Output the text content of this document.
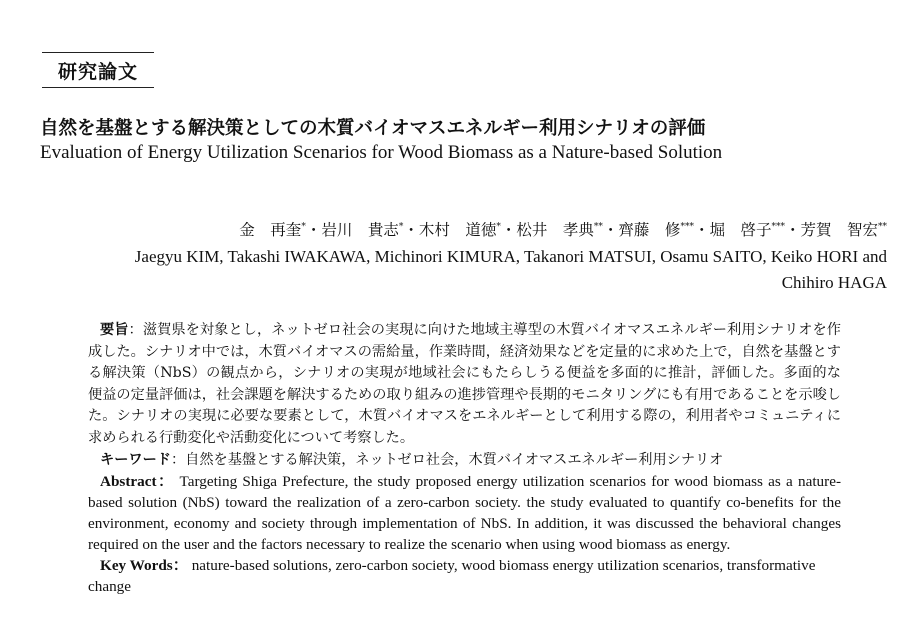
研究論文
自然を基盤とする解決策としての木質バイオマスエネルギー利用シナリオの評価
Evaluation of Energy Utilization Scenarios for Wood Biomass as a Nature-based Solution
金　再奎*・岩川　貴志*・木村　道徳*・松井　孝典**・齊藤　修***・堀　啓子***・芳賀　智宏**
Jaegyu KIM, Takashi IWAKAWA, Michinori KIMURA, Takanori MATSUI, Osamu SAITO, Keiko HORI and Chihiro HAGA

要旨：滋賀県を対象とし，ネットゼロ社会の実現に向けた地域主導型の木質バイオマスエネルギー利用シナリオを作成した。シナリオ中では，木質バイオマスの需給量，作業時間，経済効果などを定量的に求めた上で，自然を基盤とする解決策（NbS）の観点から，シナリオの実現が地域社会にもたらしうる便益を多面的に推計，評価した。多面的な便益の定量評価は，社会課題を解決するための取り組みの進捗管理や長期的モニタリングにも有用であることを示唆した。シナリオの実現に必要な要素として，木質バイオマスをエネルギーとして利用する際の，利用者やコミュニティに求められる行動変化や活動変化について考察した。

キーワード：自然を基盤とする解決策，ネットゼロ社会，木質バイオマスエネルギー利用シナリオ

Abstract： Targeting Shiga Prefecture, the study proposed energy utilization scenarios for wood biomass as a nature-based solution (NbS) toward the realization of a zero-carbon society. the study evaluated to quantify co-benefits for the environment, economy and society through implementation of NbS. In addition, it was discussed the behavioral changes required on the user and the factors necessary to realize the scenario when using wood biomass as energy.

Key Words： nature-based solutions, zero-carbon society, wood biomass energy utilization scenarios, transformative change
